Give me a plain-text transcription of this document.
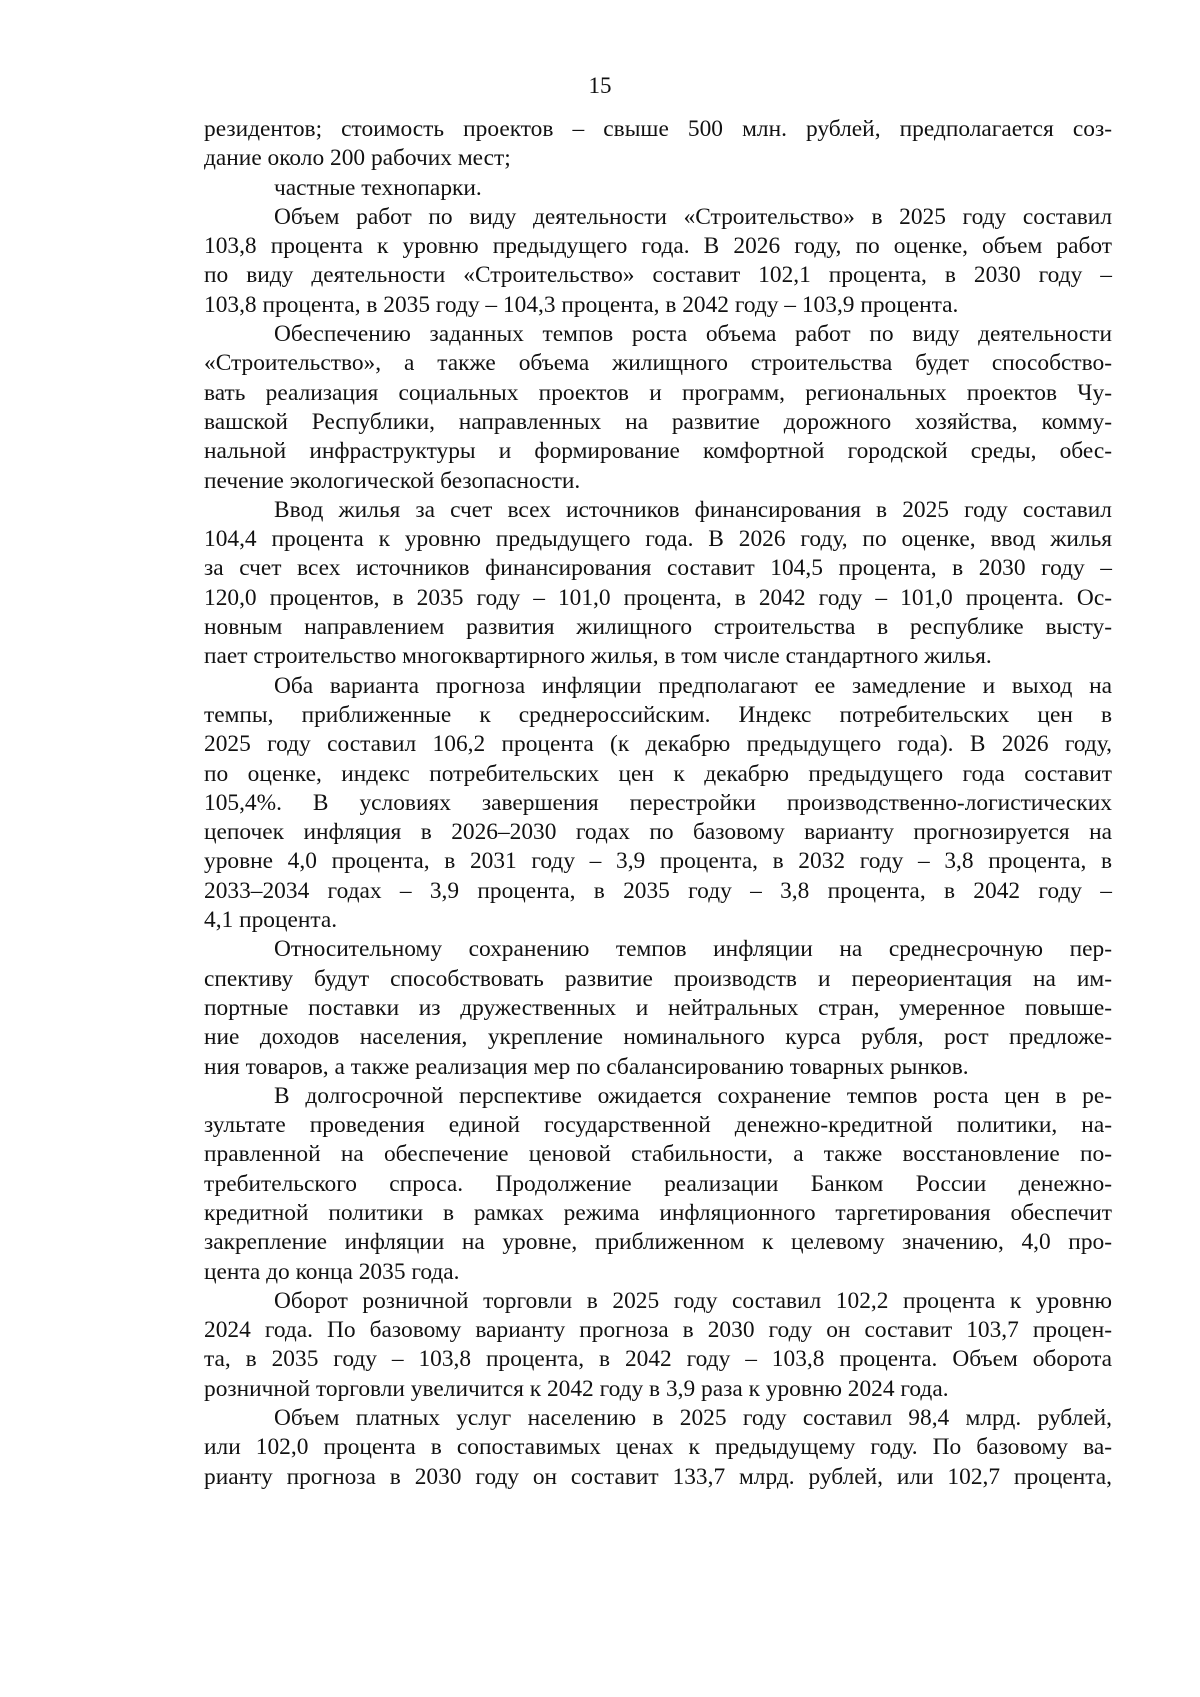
15
резидентов; стоимость проектов – свыше 500 млн. рублей, предполагается соз-
дание около 200 рабочих мест;
частные технопарки.
Объем работ по виду деятельности «Строительство» в 2025 году составил
103,8 процента к уровню предыдущего года. В 2026 году, по оценке, объем работ
по виду деятельности «Строительство» составит 102,1 процента, в 2030 году –
103,8 процента, в 2035 году – 104,3 процента, в 2042 году – 103,9 процента.
Обеспечению заданных темпов роста объема работ по виду деятельности
«Строительство», а также объема жилищного строительства будет способство-
вать реализация социальных проектов и программ, региональных проектов Чу-
вашской Республики, направленных на развитие дорожного хозяйства, комму-
нальной инфраструктуры и формирование комфортной городской среды, обес-
печение экологической безопасности.
Ввод жилья за счет всех источников финансирования в 2025 году составил
104,4 процента к уровню предыдущего года. В 2026 году, по оценке, ввод жилья
за счет всех источников финансирования составит 104,5 процента, в 2030 году –
120,0 процентов, в 2035 году – 101,0 процента, в 2042 году – 101,0 процента. Ос-
новным направлением развития жилищного строительства в республике высту-
пает строительство многоквартирного жилья, в том числе стандартного жилья.
Оба варианта прогноза инфляции предполагают ее замедление и выход на
темпы, приближенные к среднероссийским. Индекс потребительских цен в
2025 году составил 106,2 процента (к декабрю предыдущего года). В 2026 году,
по оценке, индекс потребительских цен к декабрю предыдущего года составит
105,4%. В условиях завершения перестройки производственно-логистических
цепочек инфляция в 2026–2030 годах по базовому варианту прогнозируется на
уровне 4,0 процента, в 2031 году – 3,9 процента, в 2032 году – 3,8 процента, в
2033–2034 годах – 3,9 процента, в 2035 году – 3,8 процента, в 2042 году –
4,1 процента.
Относительному сохранению темпов инфляции на среднесрочную пер-
спективу будут способствовать развитие производств и переориентация на им-
портные поставки из дружественных и нейтральных стран, умеренное повыше-
ние доходов населения, укрепление номинального курса рубля, рост предложе-
ния товаров, а также реализация мер по сбалансированию товарных рынков.
В долгосрочной перспективе ожидается сохранение темпов роста цен в ре-
зультате проведения единой государственной денежно-кредитной политики, на-
правленной на обеспечение ценовой стабильности, а также восстановление по-
требительского спроса. Продолжение реализации Банком России денежно-
кредитной политики в рамках режима инфляционного таргетирования обеспечит
закрепление инфляции на уровне, приближенном к целевому значению, 4,0 про-
цента до конца 2035 года.
Оборот розничной торговли в 2025 году составил 102,2 процента к уровню
2024 года. По базовому варианту прогноза в 2030 году он составит 103,7 процен-
та, в 2035 году – 103,8 процента, в 2042 году – 103,8 процента. Объем оборота
розничной торговли увеличится к 2042 году в 3,9 раза к уровню 2024 года.
Объем платных услуг населению в 2025 году составил 98,4 млрд. рублей,
или 102,0 процента в сопоставимых ценах к предыдущему году. По базовому ва-
рианту прогноза в 2030 году он составит 133,7 млрд. рублей, или 102,7 процента,
